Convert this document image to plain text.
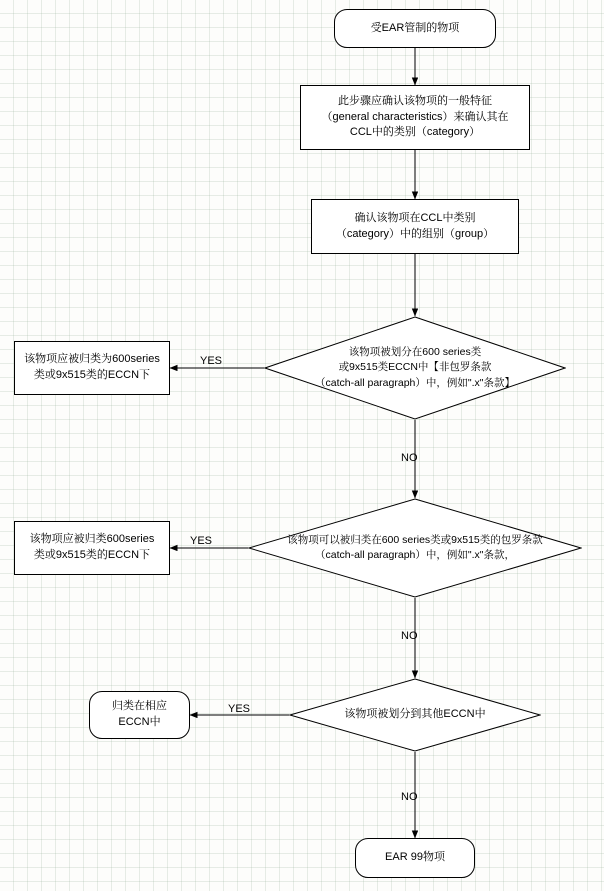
受EAR管制的物项
此步骤应确认该物项的一般特征
（general characteristics）来确认其在
CCL中的类别（category）
确认该物项在CCL中类别
（category）中的组别（group）
该物项被划分在600 series类
或9x515类ECCN中【非包罗条款
（catch-all paragraph）中，例如".x"条款】
该物项应被归类为600series
类或9x515类的ECCN下
该物项可以被归类在600 series类或9x515类的包罗条款
（catch-all paragraph）中，例如".x"条款，
该物项应被归类600series
类或9x515类的ECCN下
该物项被划分到其他ECCN中
归类在相应
ECCN中
EAR 99物项
YES
NO
YES
NO
YES
NO
